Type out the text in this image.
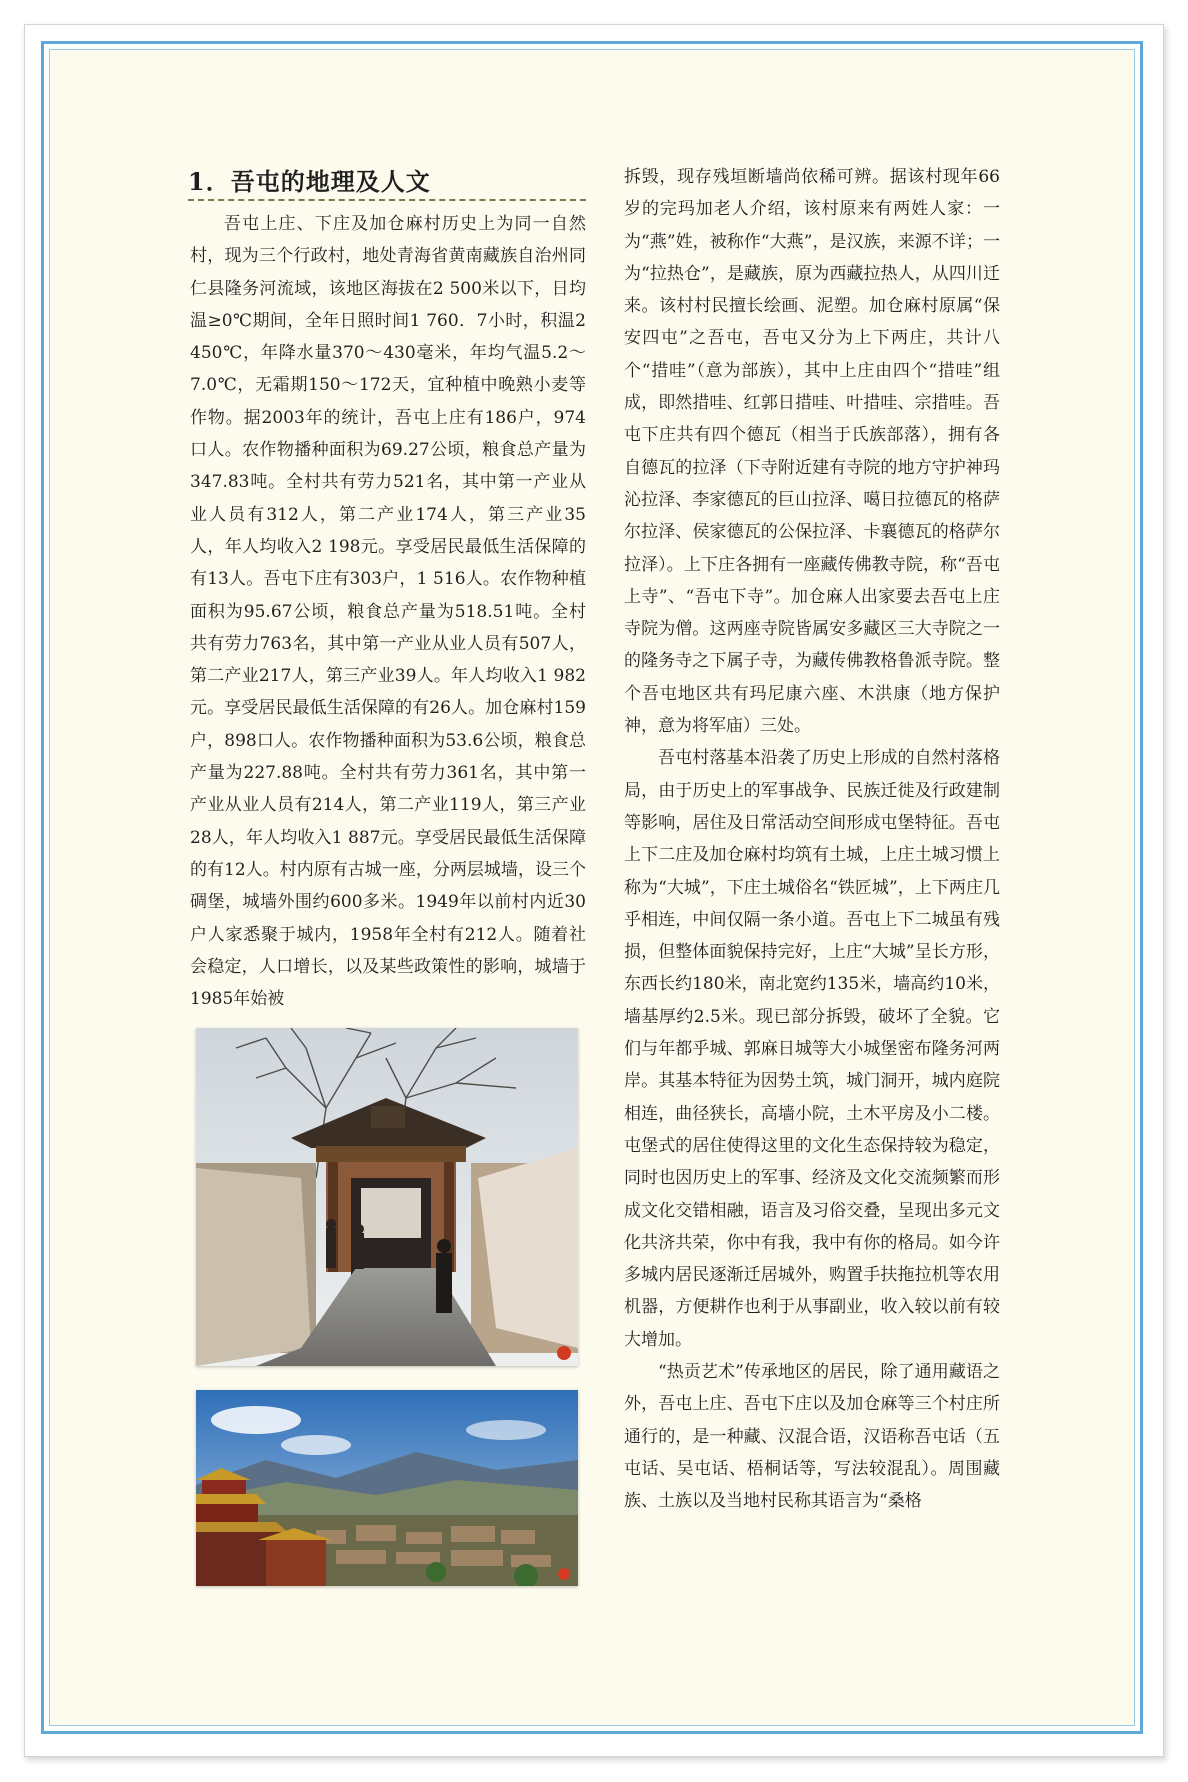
1．吾屯的地理及人文

吾屯上庄、下庄及加仓麻村历史上为同一自然村，现为三个行政村，地处青海省黄南藏族自治州同仁县隆务河流域，该地区海拔在2 500米以下，日均温≥0℃期间，全年日照时间1 760．7小时，积温2 450℃，年降水量370～430毫米，年均气温5.2～7.0℃，无霜期150～172天，宜种植中晚熟小麦等作物。据2003年的统计，吾屯上庄有186户，974口人。农作物播种面积为69.27公顷，粮食总产量为347.83吨。全村共有劳力521名，其中第一产业从业人员有312人，第二产业174人，第三产业35 人，年人均收入2 198元。享受居民最低生活保障的有13人。吾屯下庄有303户，1 516人。农作物种植面积为95.67公顷，粮食总产量为518.51吨。全村共有劳力763名，其中第一产业从业人员有507人，第二产业217人，第三产业39人。年人均收入1 982元。享受居民最低生活保障的有26人。加仓麻村159户，898口人。农作物播种面积为53.6公顷，粮食总产量为227.88吨。全村共有劳力361名，其中第一产业从业人员有214人，第二产业119人，第三产业28人，年人均收入1 887元。享受居民最低生活保障的有12人。村内原有古城一座，分两层城墙，设三个碉堡，城墙外围约600多米。1949年以前村内近30户人家悉聚于城内，1958年全村有212人。随着社会稳定，人口增长，以及某些政策性的影响，城墙于1985年始被

拆毁，现存残垣断墙尚依稀可辨。据该村现年66岁的完玛加老人介绍，该村原来有两姓人家：一为“燕”姓，被称作“大燕”，是汉族，来源不详；一为“拉热仓”，是藏族，原为西藏拉热人，从四川迁来。该村村民擅长绘画、泥塑。加仓麻村原属“保安四屯”之吾屯，吾屯又分为上下两庄，共计八个“措哇”（意为部族），其中上庄由四个“措哇”组成，即然措哇、红郭日措哇、叶措哇、宗措哇。吾屯下庄共有四个德瓦（相当于氏族部落），拥有各自德瓦的拉泽（下寺附近建有寺院的地方守护神玛沁拉泽、李家德瓦的巨山拉泽、噶日拉德瓦的格萨尔拉泽、侯家德瓦的公保拉泽、卡襄德瓦的格萨尔拉泽）。上下庄各拥有一座藏传佛教寺院，称“吾屯上寺”、“吾屯下寺”。加仓麻人出家要去吾屯上庄寺院为僧。这两座寺院皆属安多藏区三大寺院之一的隆务寺之下属子寺，为藏传佛教格鲁派寺院。整个吾屯地区共有玛尼康六座、木洪康（地方保护神，意为将军庙）三处。

吾屯村落基本沿袭了历史上形成的自然村落格局，由于历史上的军事战争、民族迁徙及行政建制等影响，居住及日常活动空间形成屯堡特征。吾屯上下二庄及加仓麻村均筑有土城，上庄土城习惯上称为“大城”，下庄土城俗名“铁匠城”，上下两庄几乎相连，中间仅隔一条小道。吾屯上下二城虽有残损，但整体面貌保持完好，上庄“大城”呈长方形，东西长约180米，南北宽约135米，墙高约10米，墙基厚约2.5米。现已部分拆毁，破坏了全貌。它们与年都乎城、郭麻日城等大小城堡密布隆务河两岸。其基本特征为因势土筑，城门洞开，城内庭院相连，曲径狭长，高墙小院，土木平房及小二楼。屯堡式的居住使得这里的文化生态保持较为稳定，同时也因历史上的军事、经济及文化交流频繁而形成文化交错相融，语言及习俗交叠，呈现出多元文化共济共荣，你中有我，我中有你的格局。如今许多城内居民逐渐迁居城外，购置手扶拖拉机等农用机器，方便耕作也利于从事副业，收入较以前有较大增加。

“热贡艺术”传承地区的居民，除了通用藏语之外，吾屯上庄、吾屯下庄以及加仓麻等三个村庄所通行的，是一种藏、汉混合语，汉语称吾屯话（五屯话、吴屯话、梧桐话等，写法较混乱）。周围藏族、土族以及当地村民称其语言为“桑格
